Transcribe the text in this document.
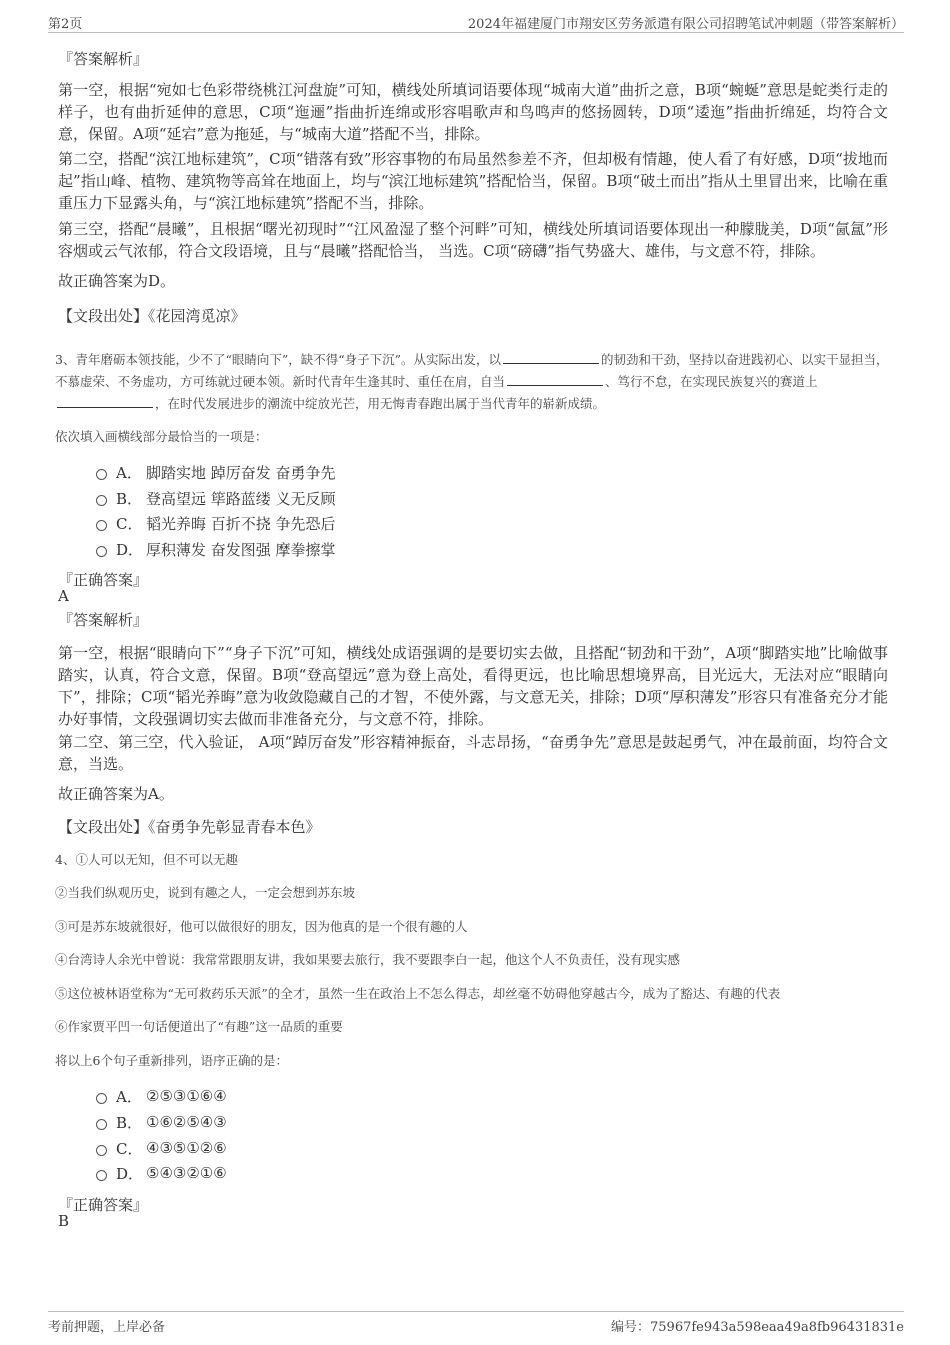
第2页	2024年福建厦门市翔安区劳务派遣有限公司招聘笔试冲刺题（带答案解析）
『答案解析』
第一空，根据“宛如七色彩带绕桃江河盘旋”可知，横线处所填词语要体现“城南大道”曲折之意，B项“蜿蜒”意思是蛇类行走的样子，也有曲折延伸的意思，C项“迤逦”指曲折连绵或形容唱歌声和鸟鸣声的悠扬圆转，D项“逶迤”指曲折绵延，均符合文意，保留。A项“延宕”意为拖延，与“城南大道”搭配不当，排除。
第二空，搭配“滨江地标建筑”，C项“错落有致”形容事物的布局虽然参差不齐，但却极有情趣，使人看了有好感，D项“拔地而起”指山峰、植物、建筑物等高耸在地面上，均与“滨江地标建筑”搭配恰当，保留。B项“破土而出”指从土里冒出来，比喻在重重压力下显露头角，与“滨江地标建筑”搭配不当，排除。
第三空，搭配“晨曦”，且根据“曙光初现时”“江风盈湿了整个河畔”可知，横线处所填词语要体现出一种朦胧美，D项“氤氲”形容烟或云气浓郁，符合文段语境，且与“晨曦”搭配恰当， 当选。C项“磅礴”指气势盛大、雄伟，与文意不符，排除。
故正确答案为D。
【文段出处】《花园湾觅凉》
3、青年磨砺本领技能，少不了“眼睛向下”，缺不得“身子下沉”。从实际出发，以	的韧劲和干劲，坚持以奋进践初心、以实干显担当，不慕虚荣、不务虚功，方可练就过硬本领。新时代青年生逢其时、重任在肩，自当	、笃行不怠，在实现民族复兴的赛道上，在时代发展进步的潮流中绽放光芒，用无悔青春跑出属于当代青年的崭新成绩。
依次填入画横线部分最恰当的一项是：
A． 脚踏实地 踔厉奋发 奋勇争先
B． 登高望远 筚路蓝缕 义无反顾
C． 韬光养晦 百折不挠 争先恐后
D． 厚积薄发 奋发图强 摩拳擦掌
『正确答案』
A
『答案解析』
第一空，根据“眼睛向下”“身子下沉”可知，横线处成语强调的是要切实去做，且搭配“韧劲和干劲”，A项“脚踏实地”比喻做事踏实，认真，符合文意，保留。B项“登高望远”意为登上高处，看得更远，也比喻思想境界高，目光远大，无法对应“眼睛向下”，排除；C项“韬光养晦”意为收敛隐藏自己的才智，不使外露，与文意无关，排除；D项“厚积薄发”形容只有准备充分才能办好事情，文段强调切实去做而非准备充分，与文意不符，排除。
第二空、第三空，代入验证， A项“踔厉奋发”形容精神振奋，斗志昂扬，“奋勇争先”意思是鼓起勇气，冲在最前面，均符合文意，当选。
故正确答案为A。
【文段出处】《奋勇争先彰显青春本色》
4、①人可以无知，但不可以无趣
②当我们纵观历史，说到有趣之人，一定会想到苏东坡
③可是苏东坡就很好，他可以做很好的朋友，因为他真的是一个很有趣的人
④台湾诗人余光中曾说：我常常跟朋友讲，我如果要去旅行，我不要跟李白一起，他这个人不负责任，没有现实感
⑤这位被林语堂称为“无可救药乐天派”的全才，虽然一生在政治上不怎么得志，却丝毫不妨碍他穿越古今，成为了豁达、有趣的代表
⑥作家贾平凹一句话便道出了“有趣”这一品质的重要
将以上6个句子重新排列，语序正确的是：
A． ②⑤③①⑥④
B． ①⑥②⑤④③
C． ④③⑤①②⑥
D． ⑤④③②①⑥
『正确答案』
B
考前押题，上岸必备	编号：75967fe943a598eaa49a8fb96431831e
